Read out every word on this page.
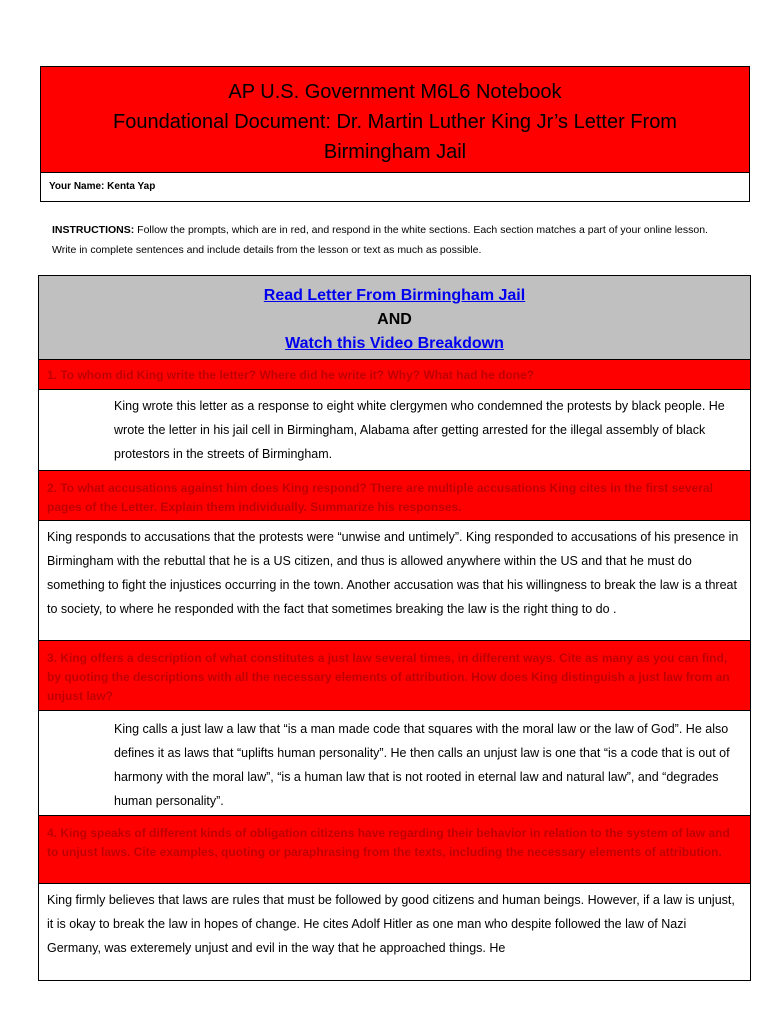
AP U.S. Government M6L6 Notebook
Foundational Document: Dr. Martin Luther King Jr’s Letter From
Birmingham Jail
Your Name: Kenta Yap
INSTRUCTIONS: Follow the prompts, which are in red, and respond in the white sections. Each section matches a part of your online lesson. Write in complete sentences and include details from the lesson or text as much as possible.
Read Letter From Birmingham Jail
AND
Watch this Video Breakdown
1. To whom did King write the letter? Where did he write it? Why? What had he done?
King wrote this letter as a response to eight white clergymen who condemned the protests by black people. He wrote the letter in his jail cell in Birmingham, Alabama after getting arrested for the illegal assembly of black protestors in the streets of Birmingham.
2. To what accusations against him does King respond? There are multiple accusations King cites in the first several pages of the Letter. Explain them individually. Summarize his responses.
King responds to accusations that the protests were “unwise and untimely”. King responded to accusations of his presence in Birmingham with the rebuttal that he is a US citizen, and thus is allowed anywhere within the US and that he must do something to fight the injustices occurring in the town. Another accusation was that his willingness to break the law is a threat to society, to where he responded with the fact that sometimes breaking the law is the right thing to do .
3. King offers a description of what constitutes a just law several times, in different ways. Cite as many as you can find, by quoting the descriptions with all the necessary elements of attribution. How does King distinguish a just law from an unjust law?
King calls a just law a law that “is a man made code that squares with the moral law or the law of God”. He also defines it as laws that “uplifts human personality”. He then calls an unjust law is one that “is a code that is out of harmony with the moral law”, “is a human law that is not rooted in eternal law and natural law”, and “degrades human personality”.
4. King speaks of different kinds of obligation citizens have regarding their behavior in relation to the system of law and to unjust laws. Cite examples, quoting or paraphrasing from the texts, including the necessary elements of attribution.
King firmly believes that laws are rules that must be followed by good citizens and human beings. However, if a law is unjust, it is okay to break the law in hopes of change. He cites Adolf Hitler as one man who despite followed the law of Nazi Germany, was exteremely unjust and evil in the way that he approached things. He
